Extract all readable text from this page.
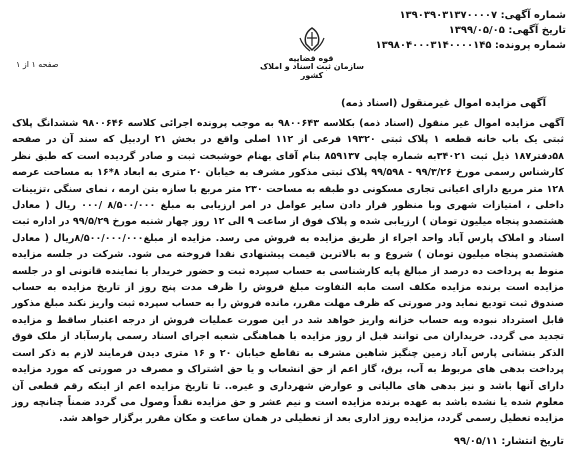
شماره آگهی: ۱۳۹۰۳۹۰۳۱۳۷۰۰۰۰۷
تاریخ آگهی: ۱۳۹۹/۰۵/۰۵
شماره پرونده: ۱۳۹۸۰۴۰۰۰۳۱۴۰۰۰۰۱۴۵
قوه قضاییه
سازمان ثبت اسناد و املاک کشور
صفحه ۱ از ۱
آگهی مزایده اموال غیرمنقول (اسناد ذمه)

آگهی مزایده اموال غیر منقول (اسناد ذمه) بکلاسه ۹۸۰۰۶۴۳ به موجب پرونده اجرائی کلاسه ۹۸۰۰۶۴۶ ششدانگ پلاک ثبتی یک باب خانه قطعه ۱ پلاک ثبتی ۱۹۳۲۰ فرعی از ۱۱۲ اصلی واقع در بخش ۲۱ اردبیل که سند آن در صفحه ۵۸دفتر۱۸۷ ذیل ثبت ۳۴۰۲۱به شماره چاپی ۸۵۹۱۳۷ بنام آقای بهنام خوشبخت ثبت و صادر گردیده است که طبق نظر کارشناس رسمی مورخ ۹۹/۳/۲۶ - ۹۹/۵۹۸ پلاک ثبتی مذکور مشرف به خیابان ۲۰ متری به ابعاد ۸*۱۶ به مساحت عرصه ۱۲۸ متر مربع دارای اعیانی تجاری مسکونی دو طبقه به مساحت ۲۳۰ متر مربع با سازه بتن ارمه ، نمای سنگی ،تزیینات داخلی ، امتیازات شهری وبا منظور قرار دادن سایر عوامل در امر ارزیابی به مبلغ ۸/۵۰۰/۰۰۰ /۰۰۰ ریال ( معادل هشتصدو پنجاه میلیون تومان ) ارزیابی شده و پلاک فوق از ساعت ۹ الی ۱۲ روز چهار شنبه مورخ ۹۹/۵/۲۹ در اداره ثبت اسناد و املاک پارس آباد واحد اجراء از طریق مزایده به فروش می رسد. مزایده از مبلغ۸/۵۰۰/۰۰۰/۰۰۰ریال ( معادل هشتصدو پنجاه میلیون تومان ) شروع و به بالاترین قیمت پیشنهادی نقدا فروخته می شود. شرکت در جلسه مزایده منوط به پرداخت ده درصد از مبالغ پایه کارشناسی به حساب سپرده ثبت و حضور خریدار یا نماینده قانونی او در جلسه مزایده است برنده مزایده مکلف است مابه التفاوت مبلغ فروش را ظرف مدت پنج روز از تاریخ مزایده به حساب صندوق ثبت تودیع نماید ودر صورتی که ظرف مهلت مقرر، مانده فروش را به حساب سپرده ثبت واریز نکند مبلغ مذکور قابل استرداد نبوده وبه حساب خزانه واریز خواهد شد در این صورت عملیات فروش از درجه اعتبار ساقط و مزایده تجدید می گردد. خریداران می توانند قبل از روز مزایده با هماهنگی شعبه اجرای اسناد رسمی پارسآباد از ملک فوق الذکر بنشانی پارس آباد زمین چنگیز شاهین مشرف به تقاطع خیابان ۲۰ و ۱۶ متری دیدن فرمایند لازم به ذکر است پرداخت بدهی های مربوط به آب، برق، گاز اعم از حق انشعاب و یا حق اشتراک و مصرف در صورتی که مورد مزایده دارای آنها باشد و نیز بدهی های مالیاتی و عوارض شهرداری و غیره.. تا تاریخ مزایده اعم از اینکه رقم قطعی آن معلوم شده یا نشده باشد به عهده برنده مزایده است و نیم عشر و حق مزایده نقداً وصول می گردد ضمناً چنانچه روز مزایده تعطیل رسمی گردد، مزایده روز اداری بعد از تعطیلی در همان ساعت و مکان مقرر برگزار خواهد شد.

تاریخ انتشار: ۹۹/۰۵/۱۱
